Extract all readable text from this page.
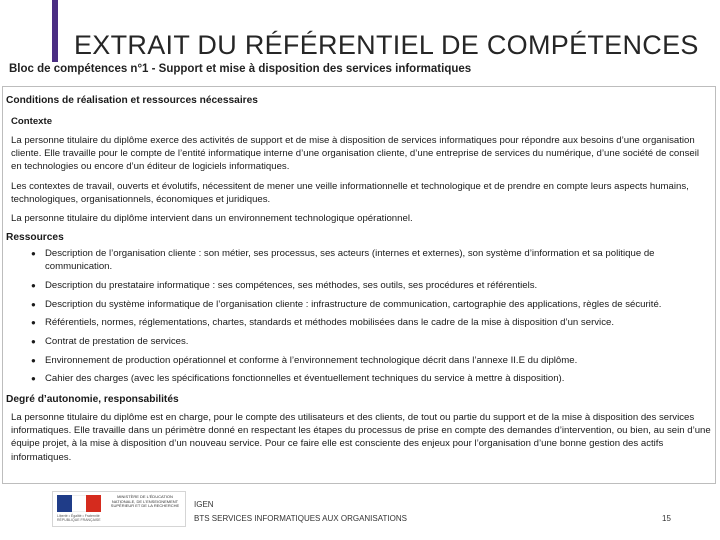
EXTRAIT DU RÉFÉRENTIEL DE COMPÉTENCES
Bloc de compétences n°1 - Support et mise à disposition des services informatiques
Conditions de réalisation et ressources nécessaires
Contexte
La personne titulaire du diplôme exerce des activités de support et de mise à disposition de services informatiques pour répondre aux besoins d’une organisation cliente. Elle travaille pour le compte de l’entité informatique interne d’une organisation cliente, d’une entreprise de services du numérique, d’une société de conseil en technologies ou encore d’un éditeur de logiciels informatiques.
Les contextes de travail, ouverts et évolutifs, nécessitent de mener une veille informationnelle et technologique et de prendre en compte leurs aspects humains, technologiques, organisationnels, économiques et juridiques.
La personne titulaire du diplôme intervient dans un environnement technologique opérationnel.
Ressources
● Description de l’organisation cliente : son métier, ses processus, ses acteurs (internes et externes), son système d’information et sa politique de communication.
● Description du prestataire informatique : ses compétences, ses méthodes, ses outils, ses procédures et référentiels.
● Description du système informatique de l’organisation cliente : infrastructure de communication, cartographie des applications, règles de sécurité.
● Référentiels, normes, réglementations, chartes, standards et méthodes mobilisées dans le cadre de la mise à disposition d’un service.
● Contrat de prestation de services.
● Environnement de production opérationnel et conforme à l’environnement technologique décrit dans l’annexe II.E du diplôme.
● Cahier des charges (avec les spécifications fonctionnelles et éventuellement techniques du service à mettre à disposition).
Degré d’autonomie, responsabilités
La personne titulaire du diplôme est en charge, pour le compte des utilisateurs et des clients, de tout ou partie du support et de la mise à disposition des services informatiques. Elle travaille dans un périmètre donné en respectant les étapes du processus de prise en compte des demandes d’intervention, ou bien, au sein d’une équipe projet, à la mise à disposition d’un nouveau service. Pour ce faire elle est consciente des enjeux pour l’organisation d’une bonne gestion des actifs informatiques.
Liberté • Égalité • Fraternité RÉPUBLIQUE FRANÇAISE
MINISTÈRE DE L'ÉDUCATION NATIONALE, DE L'ENSEIGNEMENT SUPÉRIEUR ET DE LA RECHERCHE IGEN
BTS SERVICES INFORMATIQUES AUX ORGANISATIONS	15
